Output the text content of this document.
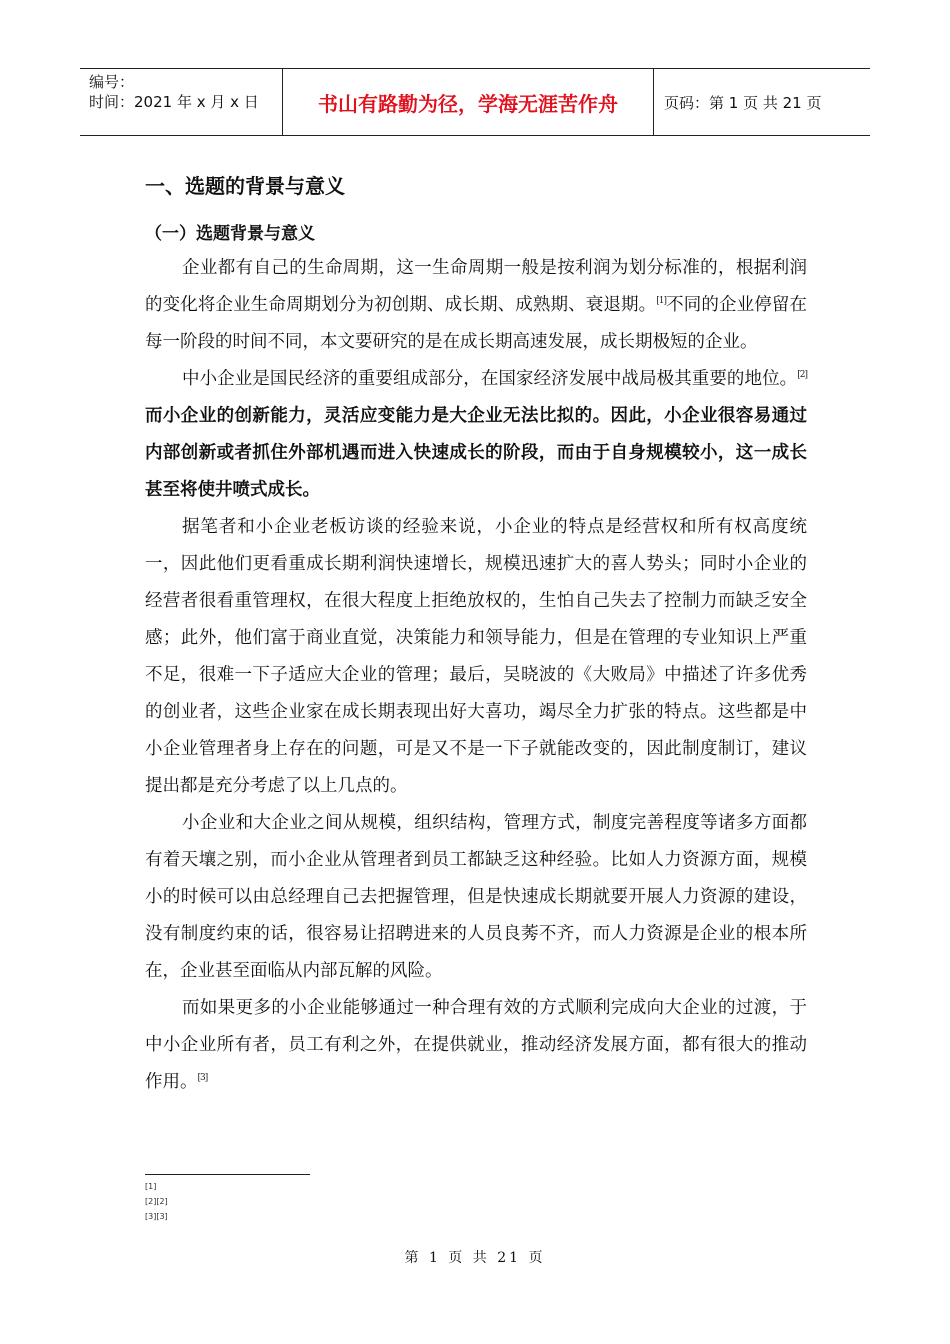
编号：
时间：2021 年 x 月 x 日	书山有路勤为径，学海无涯苦作舟	页码：第 1 页 共 21 页
一、选题的背景与意义
（一）选题背景与意义

企业都有自己的生命周期，这一生命周期一般是按利润为划分标准的，根据利润的变化将企业生命周期划分为初创期、成长期、成熟期、衰退期。[1]不同的企业停留在每一阶段的时间不同，本文要研究的是在成长期高速发展，成长期极短的企业。

中小企业是国民经济的重要组成部分，在国家经济发展中战局极其重要的地位。[2]而小企业的创新能力，灵活应变能力是大企业无法比拟的。因此，小企业很容易通过内部创新或者抓住外部机遇而进入快速成长的阶段，而由于自身规模较小，这一成长甚至将使井喷式成长。

据笔者和小企业老板访谈的经验来说，小企业的特点是经营权和所有权高度统一，因此他们更看重成长期利润快速增长，规模迅速扩大的喜人势头；同时小企业的经营者很看重管理权，在很大程度上拒绝放权的，生怕自己失去了控制力而缺乏安全感；此外，他们富于商业直觉，决策能力和领导能力，但是在管理的专业知识上严重不足，很难一下子适应大企业的管理；最后，吴晓波的《大败局》中描述了许多优秀的创业者，这些企业家在成长期表现出好大喜功，竭尽全力扩张的特点。这些都是中小企业管理者身上存在的问题，可是又不是一下子就能改变的，因此制度制订，建议提出都是充分考虑了以上几点的。

小企业和大企业之间从规模，组织结构，管理方式，制度完善程度等诸多方面都有着天壤之别，而小企业从管理者到员工都缺乏这种经验。比如人力资源方面，规模小的时候可以由总经理自己去把握管理，但是快速成长期就要开展人力资源的建设，没有制度约束的话，很容易让招聘进来的人员良莠不齐，而人力资源是企业的根本所在，企业甚至面临从内部瓦解的风险。

而如果更多的小企业能够通过一种合理有效的方式顺利完成向大企业的过渡，于中小企业所有者，员工有利之外，在提供就业，推动经济发展方面，都有很大的推动作用。[3]

[1]
[2][2]
[3][3]
第 1 页 共 21 页
